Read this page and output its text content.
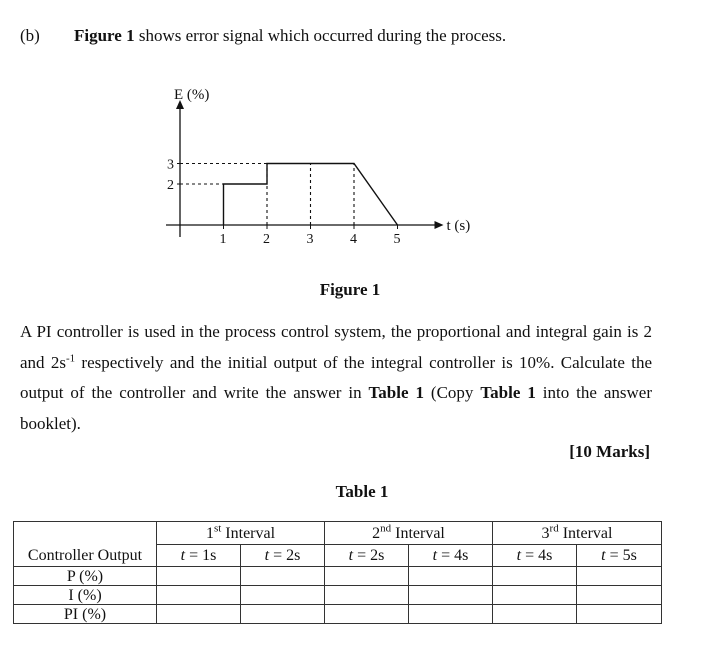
(b) Figure 1 shows error signal which occurred during the process.
E (%)
t (s)
1	2	3	4	5
2
3
Figure 1
A PI controller is used in the process control system, the proportional and integral gain is 2 and $2s^{-1}$ respectively and the initial output of the integral controller is 10%. Calculate the output of the controller and write the answer in Table 1 (Copy Table 1 into the answer booklet).
[10 Marks]
Table 1
	1st Interval		2nd Interval		3rd Interval	
Controller Output	t = 1s	t = 2s	t = 2s	t = 4s	t = 4s	t = 5s
P (%)						
I (%)						
PI (%)						
